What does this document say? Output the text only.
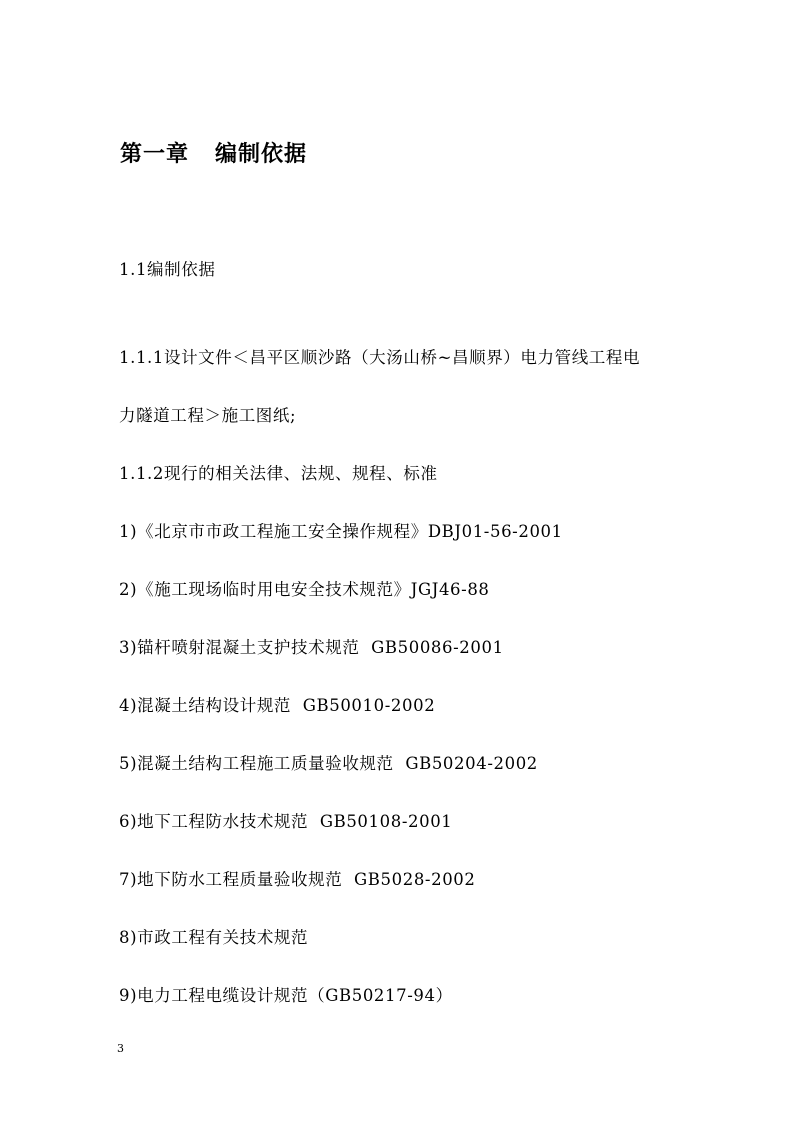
第一章   编制依据
1.1编制依据
1.1.1设计文件＜昌平区顺沙路（大汤山桥~昌顺界）电力管线工程电
力隧道工程＞施工图纸;
1.1.2现行的相关法律、法规、规程、标准
1)《北京市市政工程施工安全操作规程》DBJ01-56-2001
2)《施工现场临时用电安全技术规范》JGJ46-88
3)锚杆喷射混凝土支护技术规范  GB50086-2001
4)混凝土结构设计规范  GB50010-2002
5)混凝土结构工程施工质量验收规范  GB50204-2002
6)地下工程防水技术规范  GB50108-2001
7)地下防水工程质量验收规范  GB5028-2002
8)市政工程有关技术规范
9)电力工程电缆设计规范（GB50217-94）
3
